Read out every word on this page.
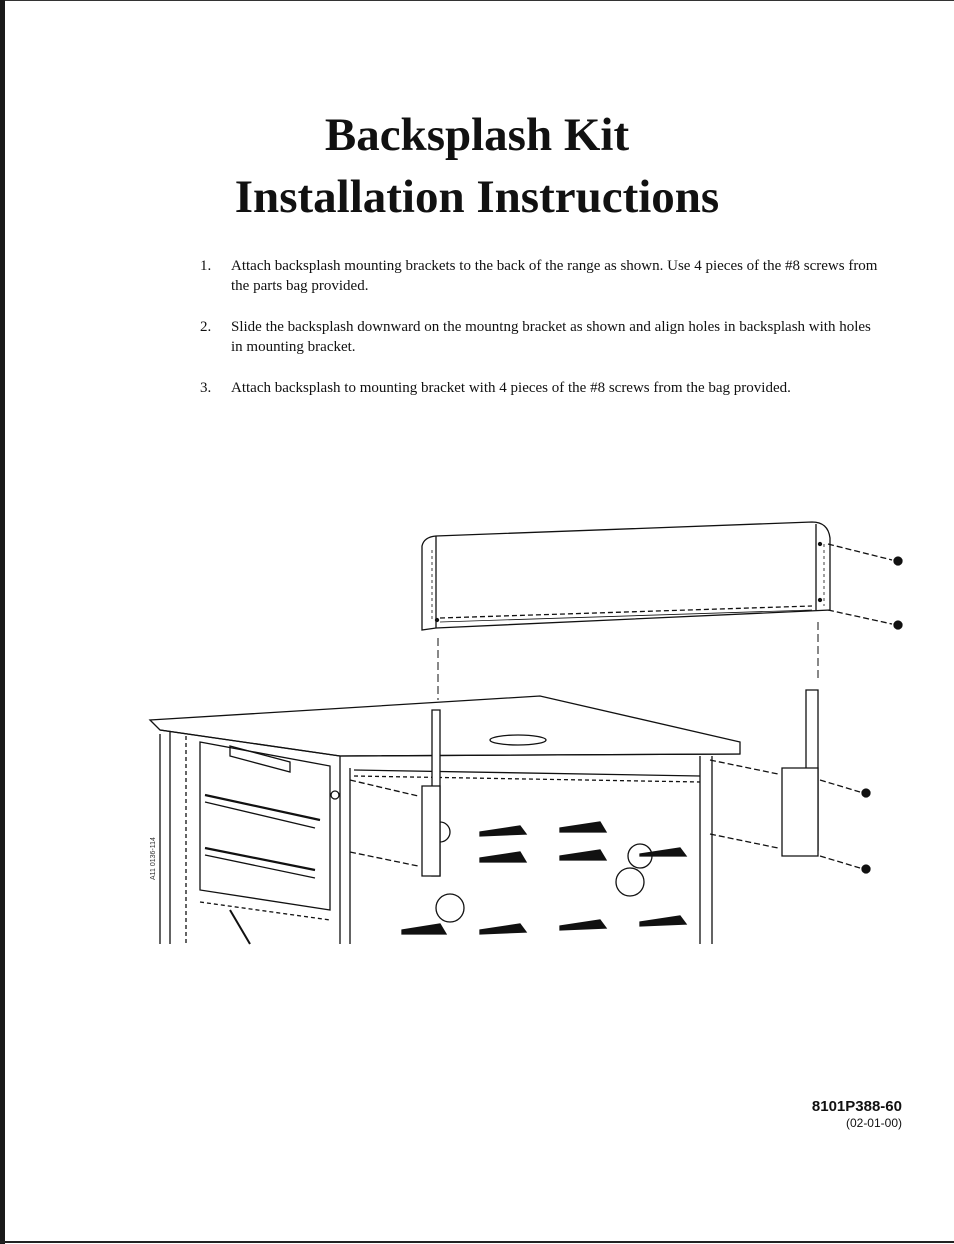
Backsplash Kit
Installation Instructions
1. Attach backsplash mounting brackets to the back of the range as shown. Use 4 pieces of the #8 screws from the parts bag provided.
2. Slide the backsplash downward on the mountng bracket as shown and align holes in backsplash with holes in mounting bracket.
3. Attach backsplash to mounting bracket with 4 pieces of the #8 screws from the bag provided.
A11 0136-114
8101P388-60
(02-01-00)
